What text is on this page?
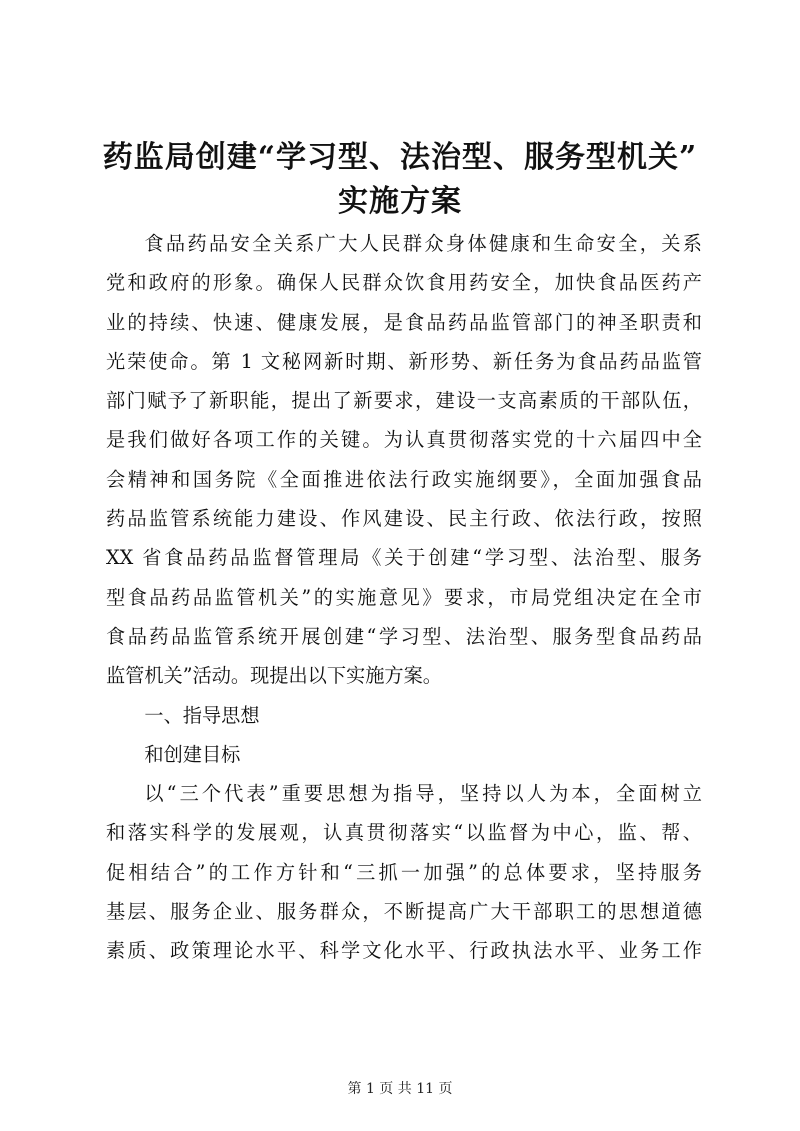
药监局创建“学习型、法治型、服务型机关”
实施方案
食品药品安全关系广大人民群众身体健康和生命安全，关系
党和政府的形象。确保人民群众饮食用药安全，加快食品医药产
业的持续、快速、健康发展，是食品药品监管部门的神圣职责和
光荣使命。第 1 文秘网新时期、新形势、新任务为食品药品监管
部门赋予了新职能，提出了新要求，建设一支高素质的干部队伍，
是我们做好各项工作的关键。为认真贯彻落实党的十六届四中全
会精神和国务院《全面推进依法行政实施纲要》，全面加强食品
药品监管系统能力建设、作风建设、民主行政、依法行政，按照
XX 省食品药品监督管理局《关于创建“学习型、法治型、服务
型食品药品监管机关”的实施意见》要求，市局党组决定在全市
食品药品监管系统开展创建“学习型、法治型、服务型食品药品
监管机关”活动。现提出以下实施方案。
一、指导思想
和创建目标
以“三个代表”重要思想为指导，坚持以人为本，全面树立
和落实科学的发展观，认真贯彻落实“以监督为中心，监、帮、
促相结合”的工作方针和“三抓一加强”的总体要求，坚持服务
基层、服务企业、服务群众，不断提高广大干部职工的思想道德
素质、政策理论水平、科学文化水平、行政执法水平、业务工作
第 1 页 共 11 页
